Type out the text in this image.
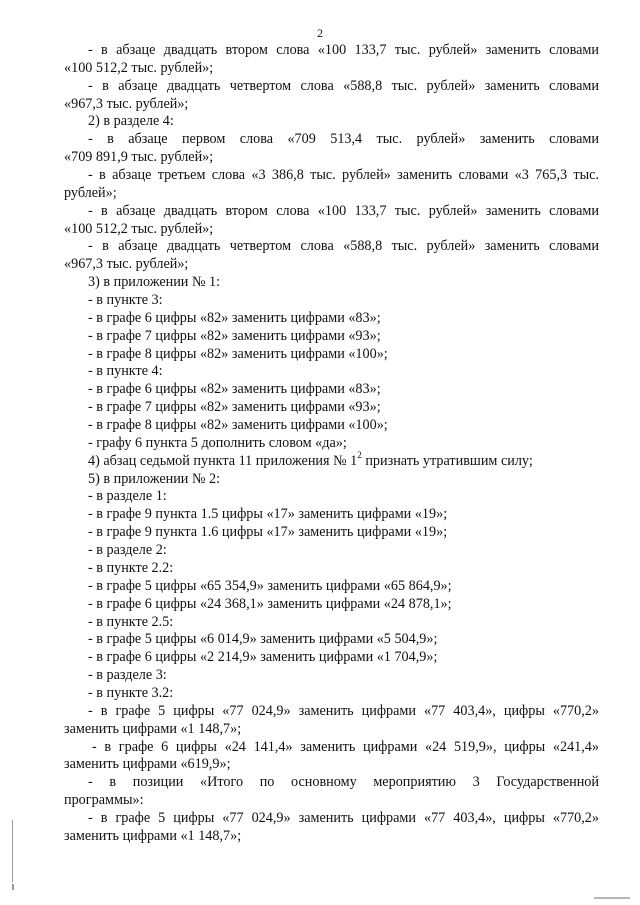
2
- в абзаце двадцать втором слова «100 133,7 тыс. рублей» заменить словами
«100 512,2 тыс. рублей»;
- в абзаце двадцать четвертом слова «588,8 тыс. рублей» заменить словами
«967,3 тыс. рублей»;
2) в разделе 4:
- в абзаце первом слова «709 513,4 тыс. рублей» заменить словами
«709 891,9 тыс. рублей»;
- в абзаце третьем слова «3 386,8 тыс. рублей» заменить словами «3 765,3 тыс.
рублей»;
- в абзаце двадцать втором слова «100 133,7 тыс. рублей» заменить словами
«100 512,2 тыс. рублей»;
- в абзаце двадцать четвертом слова «588,8 тыс. рублей» заменить словами
«967,3 тыс. рублей»;
3) в приложении № 1:
- в пункте 3:
- в графе 6 цифры «82» заменить цифрами «83»;
- в графе 7 цифры «82» заменить цифрами «93»;
- в графе 8 цифры «82» заменить цифрами «100»;
- в пункте 4:
- в графе 6 цифры «82» заменить цифрами «83»;
- в графе 7 цифры «82» заменить цифрами «93»;
- в графе 8 цифры «82» заменить цифрами «100»;
- графу 6 пункта 5 дополнить словом «да»;
4) абзац седьмой пункта 11 приложения № $1^2$ признать утратившим силу;
5) в приложении № 2:
- в разделе 1:
- в графе 9 пункта 1.5 цифры «17» заменить цифрами «19»;
- в графе 9 пункта 1.6 цифры «17» заменить цифрами «19»;
- в разделе 2:
- в пункте 2.2:
- в графе 5 цифры «65 354,9» заменить цифрами «65 864,9»;
- в графе 6 цифры «24 368,1» заменить цифрами «24 878,1»;
- в пункте 2.5:
- в графе 5 цифры «6 014,9» заменить цифрами «5 504,9»;
- в графе 6 цифры «2 214,9» заменить цифрами «1 704,9»;
- в разделе 3:
- в пункте 3.2:
- в графе 5 цифры «77 024,9» заменить цифрами «77 403,4», цифры «770,2»
заменить цифрами «1 148,7»;
- в графе 6 цифры «24 141,4» заменить цифрами «24 519,9», цифры «241,4»
заменить цифрами «619,9»;
- в позиции «Итого по основному мероприятию 3 Государственной
программы»:
- в графе 5 цифры «77 024,9» заменить цифрами «77 403,4», цифры «770,2»
заменить цифрами «1 148,7»;
